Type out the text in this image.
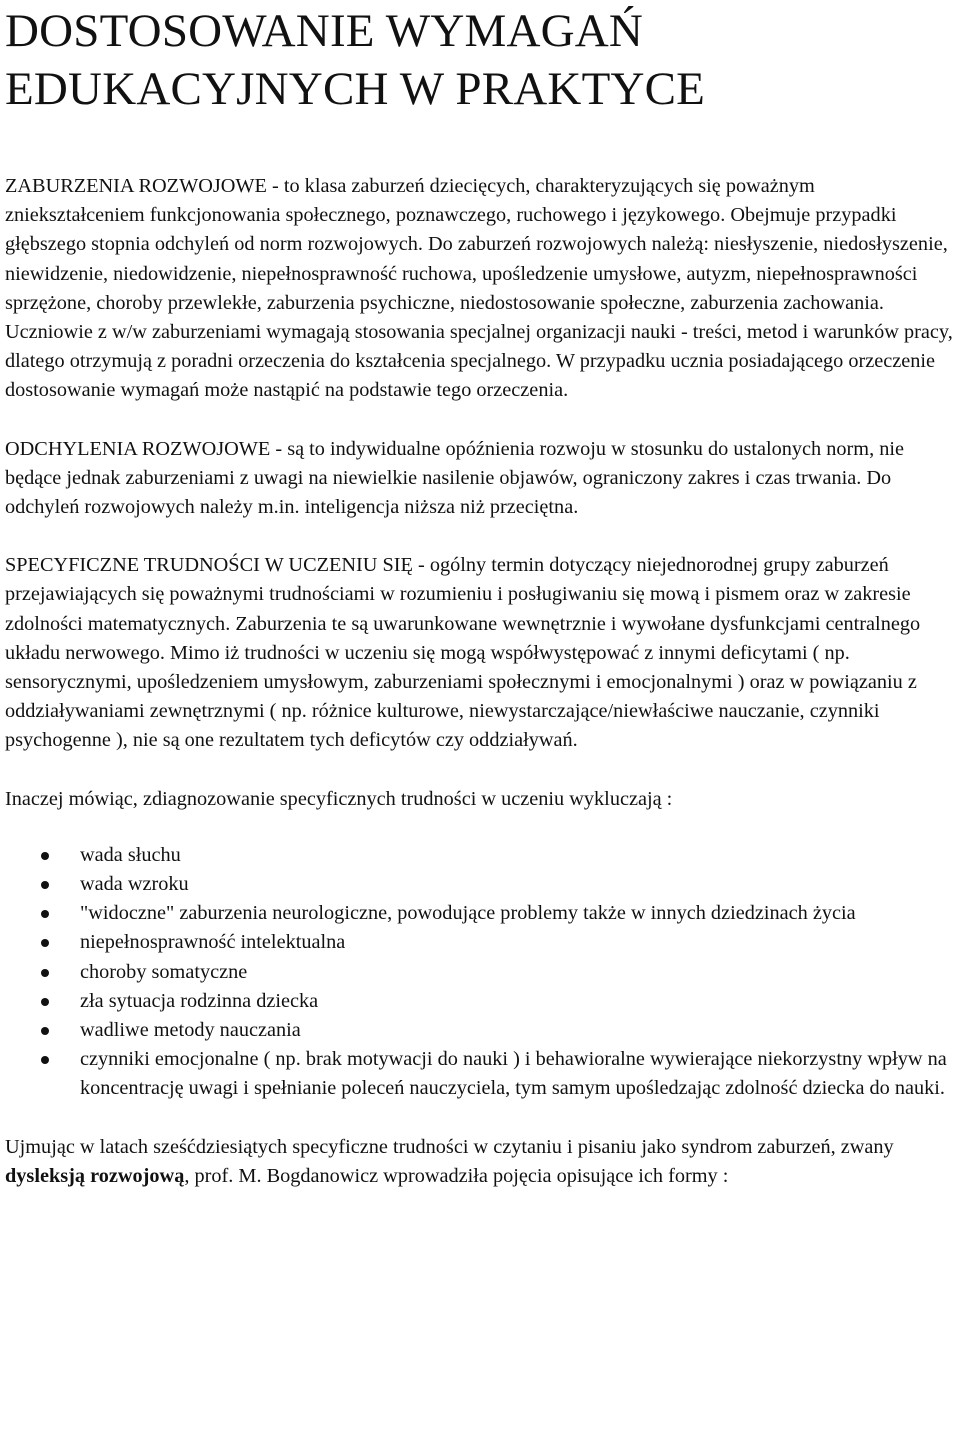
DOSTOSOWANIE WYMAGAŃ
EDUKACYJNYCH W PRAKTYCE

ZABURZENIA ROZWOJOWE - to klasa zaburzeń dziecięcych, charakteryzujących się poważnym zniekształceniem funkcjonowania społecznego, poznawczego, ruchowego i językowego. Obejmuje przypadki głębszego stopnia odchyleń od norm rozwojowych. Do zaburzeń rozwojowych należą: niesłyszenie, niedosłyszenie, niewidzenie, niedowidzenie, niepełnosprawność ruchowa, upośledzenie umysłowe, autyzm, niepełnosprawności sprzężone, choroby przewlekłe, zaburzenia psychiczne, niedostosowanie społeczne, zaburzenia zachowania. Uczniowie z w/w zaburzeniami wymagają stosowania specjalnej organizacji nauki - treści, metod i warunków pracy, dlatego otrzymują z poradni orzeczenia do kształcenia specjalnego. W przypadku ucznia posiadającego orzeczenie dostosowanie wymagań może nastąpić na podstawie tego orzeczenia.

ODCHYLENIA ROZWOJOWE - są to indywidualne opóźnienia rozwoju w stosunku do ustalonych norm, nie będące jednak zaburzeniami z uwagi na niewielkie nasilenie objawów, ograniczony zakres i czas trwania. Do odchyleń rozwojowych należy m.in. inteligencja niższa niż przeciętna.

SPECYFICZNE TRUDNOŚCI W UCZENIU SIĘ - ogólny termin dotyczący niejednorodnej grupy zaburzeń przejawiających się poważnymi trudnościami w rozumieniu i posługiwaniu się mową i pismem oraz w zakresie zdolności matematycznych. Zaburzenia te są uwarunkowane wewnętrznie i wywołane dysfunkcjami centralnego układu nerwowego. Mimo iż trudności w uczeniu się mogą współwystępować z innymi deficytami ( np. sensorycznymi, upośledzeniem umysłowym, zaburzeniami społecznymi i emocjonalnymi ) oraz w powiązaniu z oddziaływaniami zewnętrznymi ( np. różnice kulturowe, niewystarczające/niewłaściwe nauczanie, czynniki psychogenne ), nie są one rezultatem tych deficytów czy oddziaływań.

Inaczej mówiąc, zdiagnozowanie specyficznych trudności w uczeniu wykluczają :

wada słuchu
wada wzroku
"widoczne" zaburzenia neurologiczne, powodujące problemy także w innych dziedzinach życia
niepełnosprawność intelektualna
choroby somatyczne
zła sytuacja rodzinna dziecka
wadliwe metody nauczania
czynniki emocjonalne ( np. brak motywacji do nauki ) i behawioralne wywierające niekorzystny wpływ na koncentrację uwagi i spełnianie poleceń nauczyciela, tym samym upośledzając zdolność dziecka do nauki.

Ujmując w latach sześćdziesiątych specyficzne trudności w czytaniu i pisaniu jako syndrom zaburzeń, zwany dysleksją rozwojową, prof. M. Bogdanowicz wprowadziła pojęcia opisujące ich formy :
